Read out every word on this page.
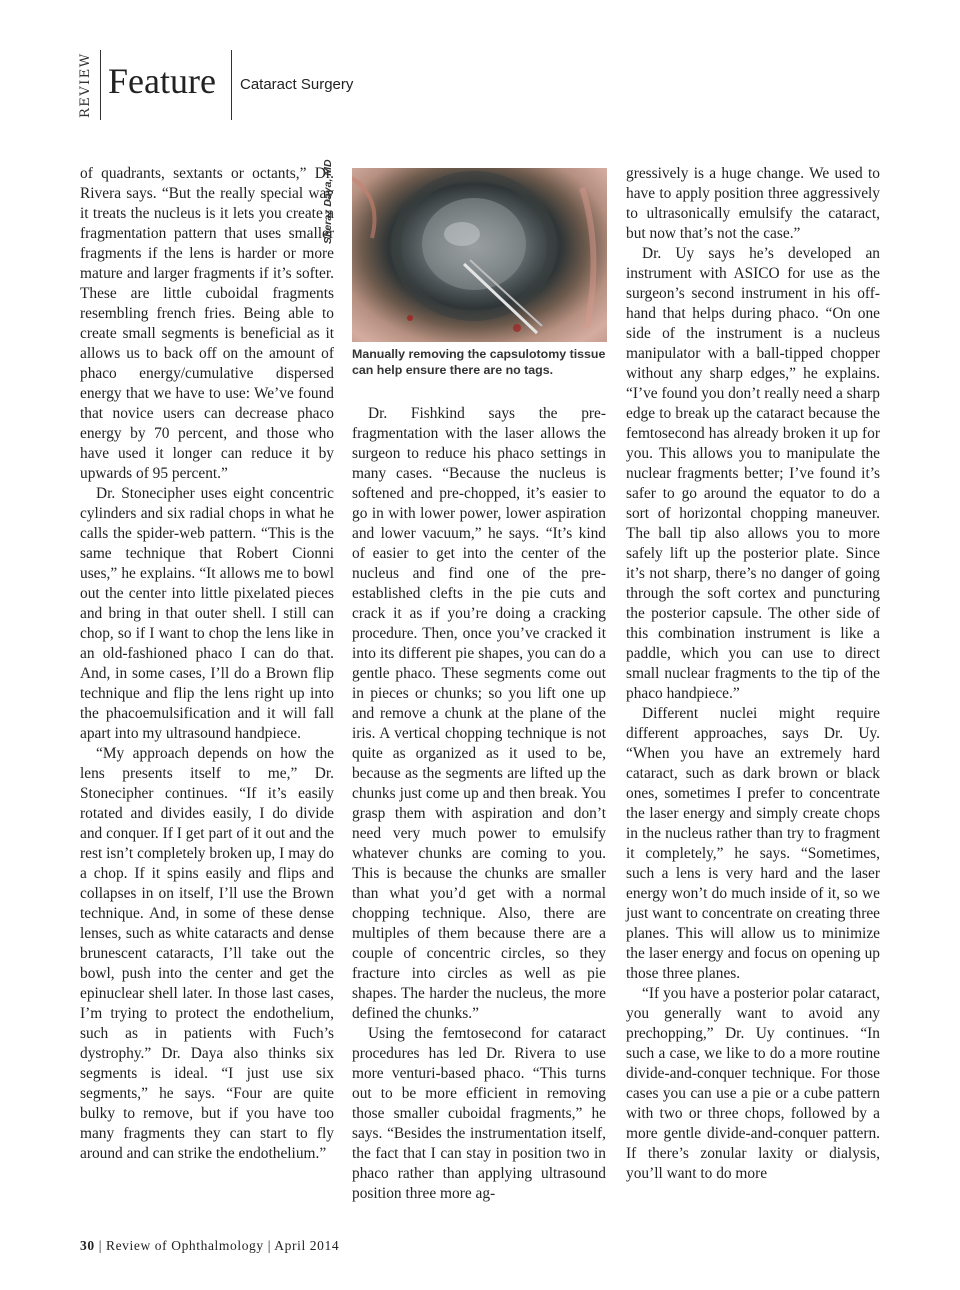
REVIEW Feature Cataract Surgery

of quadrants, sextants or octants,” Dr. Rivera says. “But the really special way it treats the nucleus is it lets you create a fragmentation pattern that uses smaller fragments if the lens is harder or more mature and larger fragments if it’s softer. These are little cuboidal fragments resembling french fries. Being able to create small segments is beneficial as it allows us to back off on the amount of phaco energy/cumulative dispersed energy that we have to use: We’ve found that novice users can decrease phaco energy by 70 percent, and those who have used it longer can reduce it by upwards of 95 percent.”

Dr. Stonecipher uses eight concentric cylinders and six radial chops in what he calls the spider-web pattern. “This is the same technique that Robert Cionni uses,” he explains. “It allows me to bowl out the center into little pixelated pieces and bring in that outer shell. I still can chop, so if I want to chop the lens like in an old-fashioned phaco I can do that. And, in some cases, I’ll do a Brown flip technique and flip the lens right up into the phacoemulsification and it will fall apart into my ultrasound handpiece.

“My approach depends on how the lens presents itself to me,” Dr. Stonecipher continues. “If it’s easily rotated and divides easily, I do divide and conquer. If I get part of it out and the rest isn’t completely broken up, I may do a chop. If it spins easily and flips and collapses in on itself, I’ll use the Brown technique. And, in some of these dense lenses, such as white cataracts and dense brunescent cataracts, I’ll take out the bowl, push into the center and get the epinuclear shell later. In those last cases, I’m trying to protect the endothelium, such as in patients with Fuch’s dystrophy.” Dr. Daya also thinks six segments is ideal. “I just use six segments,” he says. “Four are quite bulky to remove, but if you have too many fragments they can start to fly around and can strike the endothelium.”

Sheraz Daya, MD
Manually removing the capsulotomy tissue can help ensure there are no tags.

Dr. Fishkind says the pre-fragmentation with the laser allows the surgeon to reduce his phaco settings in many cases. “Because the nucleus is softened and pre-chopped, it’s easier to go in with lower power, lower aspiration and lower vacuum,” he says. “It’s kind of easier to get into the center of the nucleus and find one of the pre-established clefts in the pie cuts and crack it as if you’re doing a cracking procedure. Then, once you’ve cracked it into its different pie shapes, you can do a gentle phaco. These segments come out in pieces or chunks; so you lift one up and remove a chunk at the plane of the iris. A vertical chopping technique is not quite as organized as it used to be, because as the segments are lifted up the chunks just come up and then break. You grasp them with aspiration and don’t need very much power to emulsify whatever chunks are coming to you. This is because the chunks are smaller than what you’d get with a normal chopping technique. Also, there are multiples of them because there are a couple of concentric circles, so they fracture into circles as well as pie shapes. The harder the nucleus, the more defined the chunks.”

Using the femtosecond for cataract procedures has led Dr. Rivera to use more venturi-based phaco. “This turns out to be more efficient in removing those smaller cuboidal fragments,” he says. “Besides the instrumentation itself, the fact that I can stay in position two in phaco rather than applying ultrasound position three more ag-

gressively is a huge change. We used to have to apply position three aggressively to ultrasonically emulsify the cataract, but now that’s not the case.”

Dr. Uy says he’s developed an instrument with ASICO for use as the surgeon’s second instrument in his off-hand that helps during phaco. “On one side of the instrument is a nucleus manipulator with a ball-tipped chopper without any sharp edges,” he explains. “I’ve found you don’t really need a sharp edge to break up the cataract because the femtosecond has already broken it up for you. This allows you to manipulate the nuclear fragments better; I’ve found it’s safer to go around the equator to do a sort of horizontal chopping maneuver. The ball tip also allows you to more safely lift up the posterior plate. Since it’s not sharp, there’s no danger of going through the soft cortex and puncturing the posterior capsule. The other side of this combination instrument is like a paddle, which you can use to direct small nuclear fragments to the tip of the phaco handpiece.”

Different nuclei might require different approaches, says Dr. Uy. “When you have an extremely hard cataract, such as dark brown or black ones, sometimes I prefer to concentrate the laser energy and simply create chops in the nucleus rather than try to fragment it completely,” he says. “Sometimes, such a lens is very hard and the laser energy won’t do much inside of it, so we just want to concentrate on creating three planes. This will allow us to minimize the laser energy and focus on opening up those three planes.

“If you have a posterior polar cataract, you generally want to avoid any prechopping,” Dr. Uy continues. “In such a case, we like to do a more routine divide-and-conquer technique. For those cases you can use a pie or a cube pattern with two or three chops, followed by a more gentle divide-and-conquer pattern. If there’s zonular laxity or dialysis, you’ll want to do more

30 | Review of Ophthalmology | April 2014
